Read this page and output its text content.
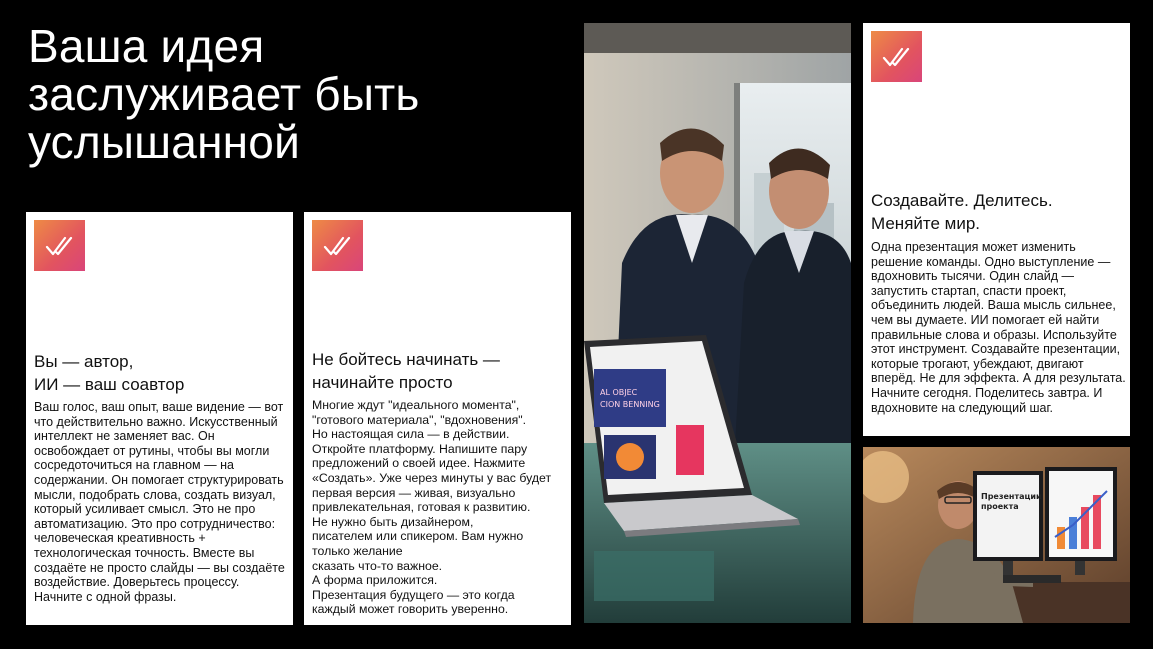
Ваша идея заслуживает быть услышанной
Вы — автор,
ИИ — ваш соавтор

Ваш голос, ваш опыт, ваше видение — вот что действительно важно. Искусственный интеллект не заменяет вас. Он освобождает от рутины, чтобы вы могли сосредоточиться на главном — на содержании. Он помогает структурировать мысли, подобрать слова, создать визуал, который усиливает смысл. Это не про автоматизацию. Это про сотрудничество: человеческая креативность + технологическая точность. Вместе вы создаёте не просто слайды — вы создаёте воздействие. Доверьтесь процессу. Начните с одной фразы.

Не бойтесь начинать —
начинайте просто

Многие ждут "идеального момента",
"готового материала", "вдохновения".
Но настоящая сила — в действии.
Откройте платформу. Напишите пару
предложений о своей идее. Нажмите
«Создать». Уже через минуты у вас будет
первая версия — живая, визуально
привлекательная, готовая к развитию.
Не нужно быть дизайнером,
писателем или спикером. Вам нужно
только желание
сказать что-то важное.
А форма приложится.
Презентация будущего — это когда
каждый может говорить уверенно.

AL OBJEC
CION BENNING
Создавайте. Делитесь.
Меняйте мир.

Одна презентация может изменить решение команды. Одно выступление — вдохновить тысячи. Один слайд — запустить стартап, спасти проект, объединить людей. Ваша мысль сильнее, чем вы думаете. ИИ помогает ей найти правильные слова и образы. Используйте этот инструмент. Создавайте презентации, которые трогают, убеждают, двигают вперёд. Не для эффекта. А для результата. Начните сегодня. Поделитесь завтра. И вдохновите на следующий шаг.

Презентации
проекта
